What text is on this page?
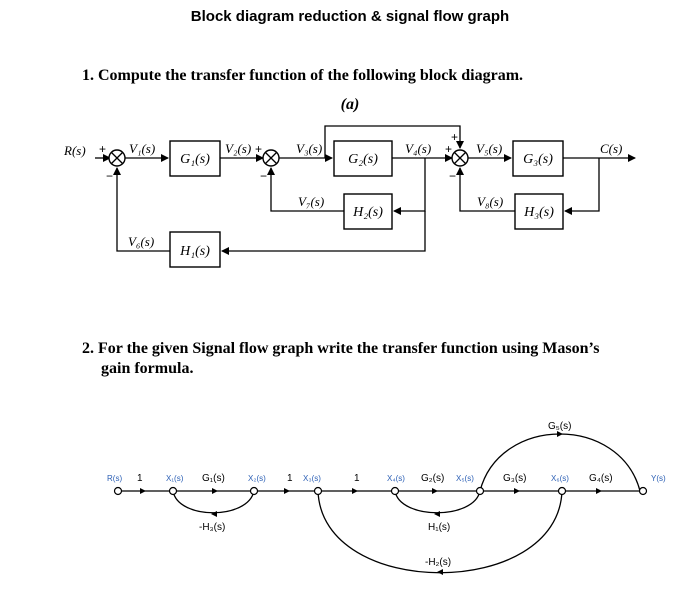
Block diagram reduction & signal flow graph
1. Compute the transfer function of the following block diagram.
2. For the given Signal flow graph write the transfer function using Mason’s
gain formula.
(a)
G₁(s)	G₂(s)	G₃(s)
H₂(s)	H₃(s)
H₁(s)
R(s)	V₁(s)	V₂(s)	V₃(s)	V₄(s)	V₅(s)	C(s)
V₆(s)
V₇(s)	V₈(s)
+
−
+
−
+
+
−
R(s)	X₁(s)	X₂(s)	X₃(s)	X₄(s)	X₅(s)	X₆(s)	Y(s)
1	G₁(s)	1	1	G₂(s)	G₃(s)	G₄(s)
G₅(s)
-H₃(s)	H₁(s)
-H₂(s)
